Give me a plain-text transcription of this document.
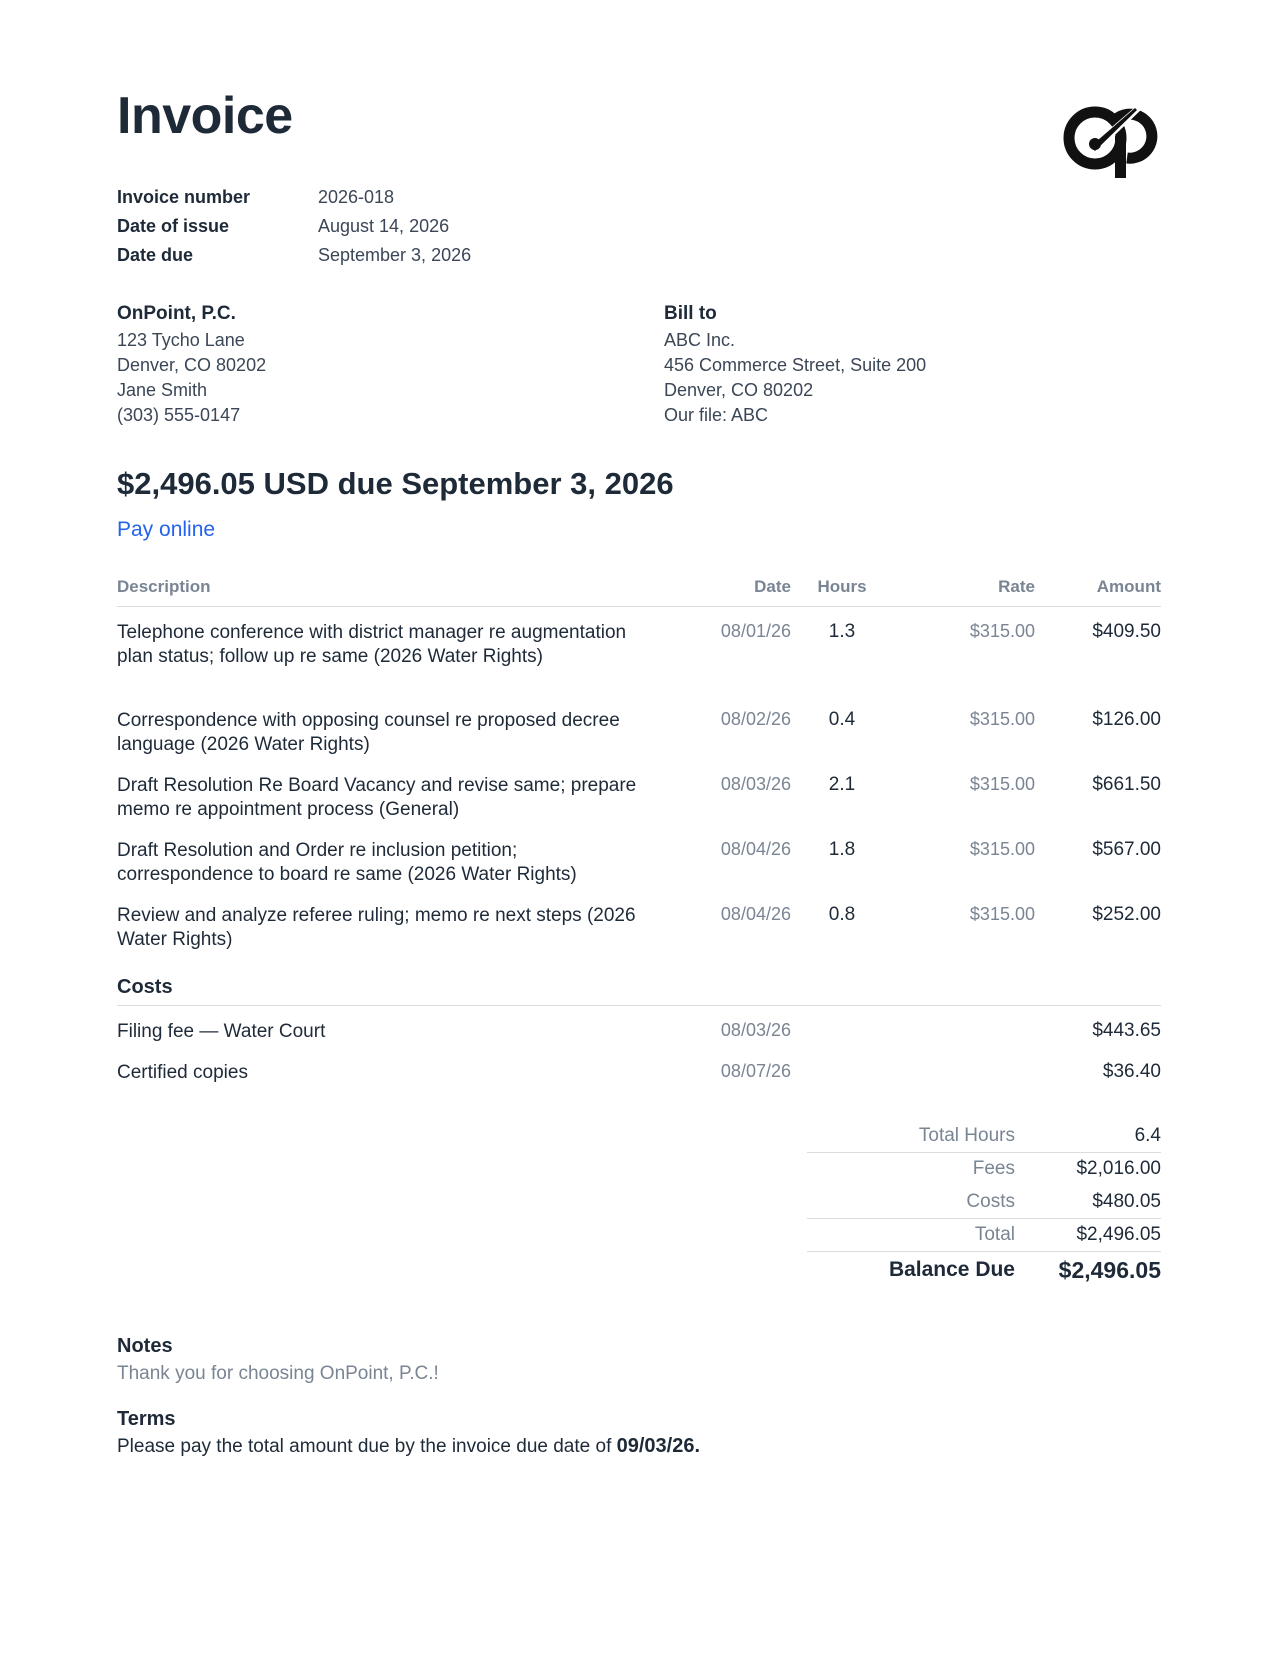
Invoice
Invoice number	2026-018
Date of issue	August 14, 2026
Date due	September 3, 2026
OnPoint, P.C.
123 Tycho Lane
Denver, CO 80202
Jane Smith
(303) 555-0147
Bill to
ABC Inc.
456 Commerce Street, Suite 200
Denver, CO 80202
Our file: ABC
$2,496.05 USD due September 3, 2026
Pay online
Description	Date	Hours	Rate	Amount
Telephone conference with district manager re augmentation plan status; follow up re same (2026 Water Rights)
08/01/26	1.3	$315.00	$409.50
Correspondence with opposing counsel re proposed decree language (2026 Water Rights)
08/02/26	0.4	$315.00	$126.00
Draft Resolution Re Board Vacancy and revise same; prepare memo re appointment process (General)
08/03/26	2.1	$315.00	$661.50
Draft Resolution and Order re inclusion petition; correspondence to board re same (2026 Water Rights)
08/04/26	1.8	$315.00	$567.00
Review and analyze referee ruling; memo re next steps (2026 Water Rights)
08/04/26	0.8	$315.00	$252.00
Costs
Filing fee — Water Court	08/03/26	$443.65
Certified copies	08/07/26	$36.40
Total Hours	6.4
Fees	$2,016.00
Costs	$480.05
Total	$2,496.05
Balance Due $2,496.05
Notes
Thank you for choosing OnPoint, P.C.!
Terms
Please pay the total amount due by the invoice due date of 09/03/26.
